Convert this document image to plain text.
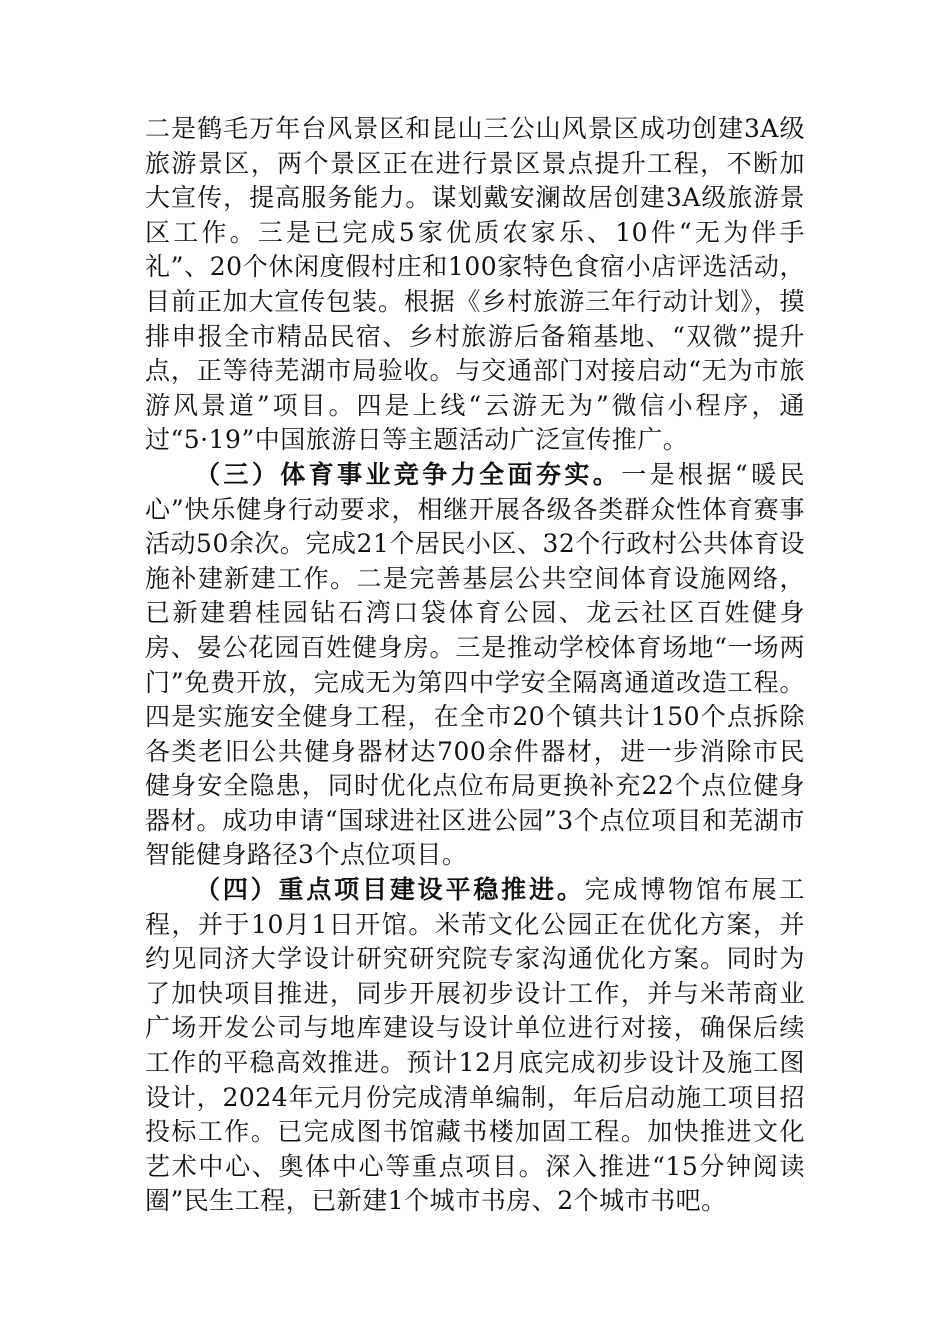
二是鹤毛万年台风景区和昆山三公山风景区成功创建3A级旅游景区，两个景区正在进行景区景点提升工程，不断加大宣传，提高服务能力。谋划戴安澜故居创建3A级旅游景区工作。三是已完成5家优质农家乐、10件“无为伴手礼”、20个休闲度假村庄和100家特色食宿小店评选活动，目前正加大宣传包装。根据《乡村旅游三年行动计划》，摸排申报全市精品民宿、乡村旅游后备箱基地、“双微”提升点，正等待芜湖市局验收。与交通部门对接启动“无为市旅游风景道”项目。四是上线“云游无为”微信小程序，通过“5·19”中国旅游日等主题活动广泛宣传推广。

（三）体育事业竞争力全面夯实。一是根据“暖民心”快乐健身行动要求，相继开展各级各类群众性体育赛事活动50余次。完成21个居民小区、32个行政村公共体育设施补建新建工作。二是完善基层公共空间体育设施网络，已新建碧桂园钻石湾口袋体育公园、龙云社区百姓健身房、晏公花园百姓健身房。三是推动学校体育场地“一场两门”免费开放，完成无为第四中学安全隔离通道改造工程。四是实施安全健身工程，在全市20个镇共计150个点拆除各类老旧公共健身器材达700余件器材，进一步消除市民健身安全隐患，同时优化点位布局更换补充22个点位健身器材。成功申请“国球进社区进公园”3个点位项目和芜湖市智能健身路径3个点位项目。

（四）重点项目建设平稳推进。完成博物馆布展工程，并于10月1日开馆。米芾文化公园正在优化方案，并约见同济大学设计研究研究院专家沟通优化方案。同时为了加快项目推进，同步开展初步设计工作，并与米芾商业广场开发公司与地库建设与设计单位进行对接，确保后续工作的平稳高效推进。预计12月底完成初步设计及施工图设计，2024年元月份完成清单编制，年后启动施工项目招投标工作。已完成图书馆藏书楼加固工程。加快推进文化艺术中心、奥体中心等重点项目。深入推进“15分钟阅读圈”民生工程，已新建1个城市书房、2个城市书吧。
